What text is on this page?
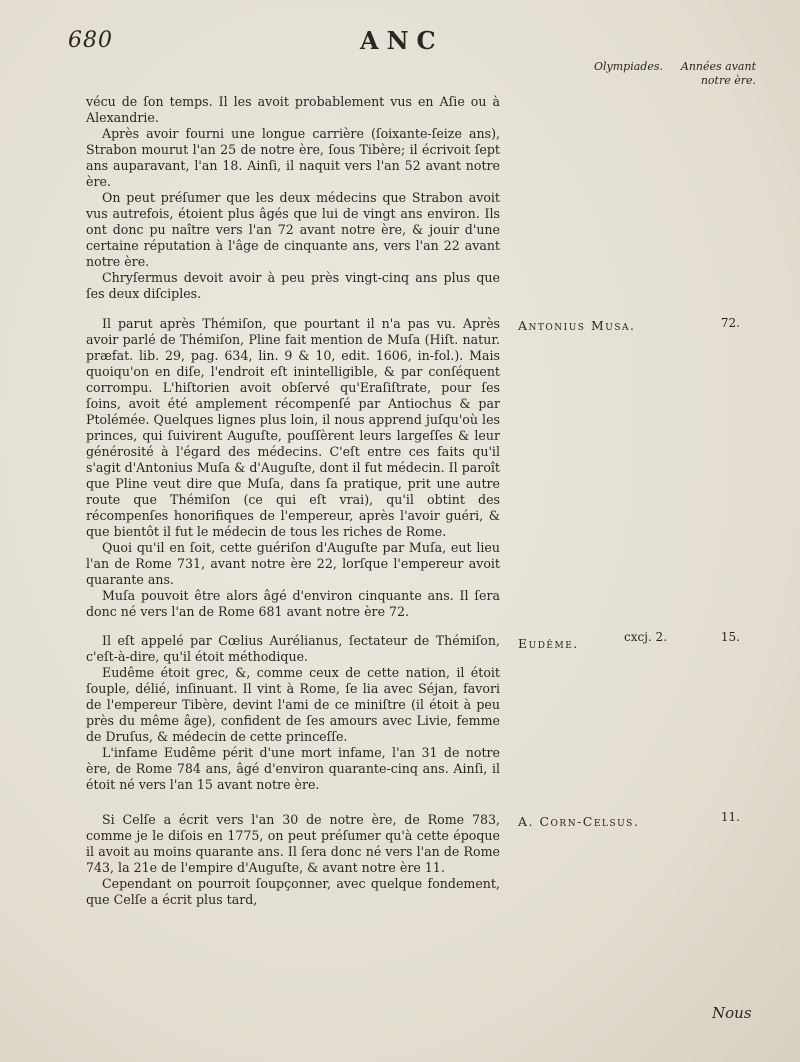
680	ANC
Olympiades.	Années avant
notre ère.

vécu de ſon temps. Il les avoit probablement vus en Aſie ou à Alexandrie.

Après avoir fourni une longue carrière (ſoixante-ſeize ans), Strabon mourut l'an 25 de notre ère, ſous Tibère; il écrivoit ſept ans auparavant, l'an 18. Ainſi, il naquit vers l'an 52 avant notre ère.

On peut préſumer que les deux médecins que Strabon avoit vus autrefois, étoient plus âgés que lui de vingt ans environ. Ils ont donc pu naître vers l'an 72 avant notre ère, & jouir d'une certaine réputation à l'âge de cinquante ans, vers l'an 22 avant notre ère.

Chryſermus devoit avoir à peu près vingt-cinq ans plus que ſes deux diſciples.

Antonius Musa.	72.

Il parut après Thémiſon, que pourtant il n'a pas vu. Après avoir parlé de Thémiſon, Pline fait mention de Muſa (Hiſt. natur. præfat. lib. 29, pag. 634, lin. 9 & 10, edit. 1606, in-fol.). Mais quoiqu'on en diſe, l'endroit eſt inintelligible, & par conſéquent corrompu. L'hiſtorien avoit obſervé qu'Eraſiſtrate, pour ſes ſoins, avoit été amplement récompenſé par Antiochus & par Ptolémée. Quelques lignes plus loin, il nous apprend juſqu'où les princes, qui ſuivirent Auguſte, pouſſèrent leurs largeſſes & leur générosité à l'égard des médecins. C'eſt entre ces faits qu'il s'agit d'Antonius Muſa & d'Auguſte, dont il fut médecin. Il paroît que Pline veut dire que Muſa, dans ſa pratique, prit une autre route que Thémiſon (ce qui eſt vrai), qu'il obtint des récompenſes honorifiques de l'empereur, après l'avoir guéri, & que bientôt il fut le médecin de tous les riches de Rome.

Quoi qu'il en ſoit, cette guériſon d'Auguſte par Muſa, eut lieu l'an de Rome 731, avant notre ère 22, lorſque l'empereur avoit quarante ans.

Muſa pouvoit être alors âgé d'environ cinquante ans. Il ſera donc né vers l'an de Rome 681 avant notre ère 72.

Eudême.	cxcj. 2.	15.

Il eſt appelé par Cœlius Aurélianus, ſectateur de Thémiſon, c'eſt-à-dire, qu'il étoit méthodique.

Eudême étoit grec, &, comme ceux de cette nation, il étoit ſouple, délié, inſinuant. Il vint à Rome, ſe lia avec Séjan, favori de l'empereur Tibère, devint l'ami de ce miniſtre (il étoit à peu près du même âge), confident de ſes amours avec Livie, femme de Druſus, & médecin de cette princeſſe.

L'infame Eudême périt d'une mort infame, l'an 31 de notre ère, de Rome 784 ans, âgé d'environ quarante-cinq ans. Ainſi, il étoit né vers l'an 15 avant notre ère.

A. Corn-Celsus.	11.

Si Celſe a écrit vers l'an 30 de notre ère, de Rome 783, comme je le diſois en 1775, on peut préſumer qu'à cette époque il avoit au moins quarante ans. Il ſera donc né vers l'an de Rome 743, la 21e de l'empire d'Auguſte, & avant notre ère 11.

Cependant on pourroit ſoupçonner, avec quelque fondement, que Celſe a écrit plus tard,

Nous
